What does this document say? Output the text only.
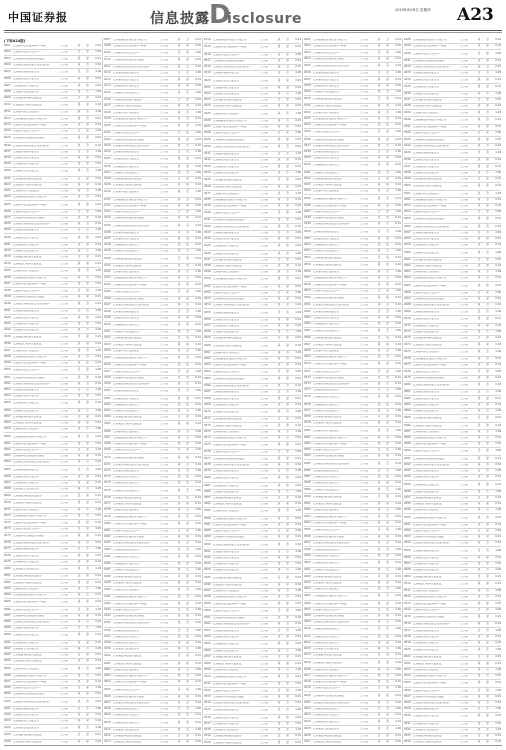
中国证券报	信息披露 D
isclosure
2019年8月8日 星期四 A23
(下转A24版)
0001 汇添富中证主要消费ETF联接	已开通	是	是	0.10
0002 汇添富中证医药卫生ETF	已开通	否	是	1.00
0003 汇添富移动互联股票型基金	已开通	是	是	0.01
0004 汇添富优势精选混合型证券投资	已开通	是	否	0.10
0005 汇添富价值精选混合型	已开通	否	否	1.00
0006 汇添富民营活力混合型	已开通	是	是	0.01
0007 汇添富消费行业混合型	已开通	是	是	0.10
0008 汇添富成长焦点混合型	已开通	是	否	1.00
0009 汇添富蓝筹稳健灵活配置	已开通	否	是	0.01
0010 汇添富医疗服务灵活配置	已开通	是	是	0.10
0011 汇添富环保行业股票型	已开通	是	否	1.00
0012 汇添富基金管理股份有限公司	已开通	是	否	0.01
0013 汇添富中证主要消费ETF联接	已开通	是	是	0.10
0014 汇添富中证医药卫生ETF	已开通	否	是	1.00
0015 汇添富移动互联股票型基金	已开通	是	是	0.01
0016 汇添富优势精选混合型证券投资	已开通	是	否	0.10
0017 汇添富价值精选混合型	已开通	否	否	1.00
0018 汇添富民营活力混合型	已开通	是	是	0.01
0019 汇添富消费行业混合型	已开通	是	是	0.10
0020 汇添富成长焦点混合型	已开通	是	否	1.00
0021 汇添富蓝筹稳健灵活配置	已开通	否	是	0.01
0022 汇添富医疗服务灵活配置	已开通	是	是	0.10
0023 汇添富环保行业股票型	已开通	是	否	1.00
0024 汇添富基金管理股份有限公司	已开通	是	否	0.01
0025 汇添富中证主要消费ETF联接	已开通	是	是	0.10
0026 汇添富中证医药卫生ETF	已开通	否	是	1.00
0027 汇添富移动互联股票型基金	已开通	是	是	0.01
0028 汇添富优势精选混合型证券投资	已开通	是	否	0.10
0029 汇添富价值精选混合型	已开通	否	否	1.00
0030 汇添富民营活力混合型	已开通	是	是	0.01
0031 汇添富消费行业混合型	已开通	是	是	0.10
0032 汇添富成长焦点混合型	已开通	是	否	1.00
0033 汇添富蓝筹稳健灵活配置	已开通	否	是	0.01
0034 汇添富医疗服务灵活配置	已开通	是	是	0.10
0035 汇添富环保行业股票型	已开通	是	否	1.00
0036 汇添富基金管理股份有限公司	已开通	是	否	0.01
0037 汇添富中证主要消费ETF联接	已开通	是	是	0.10
0038 汇添富中证医药卫生ETF	已开通	否	是	1.00
0039 汇添富移动互联股票型基金	已开通	是	是	0.01
0040 汇添富优势精选混合型证券投资	已开通	是	否	0.10
0041 汇添富价值精选混合型	已开通	否	否	1.00
0042 汇添富民营活力混合型	已开通	是	是	0.01
0043 汇添富消费行业混合型	已开通	是	是	0.10
0044 汇添富成长焦点混合型	已开通	是	否	1.00
0045 汇添富蓝筹稳健灵活配置	已开通	否	是	0.01
0046 汇添富医疗服务灵活配置	已开通	是	是	0.10
0047 汇添富环保行业股票型	已开通	是	否	1.00
0048 汇添富基金管理股份有限公司	已开通	是	否	0.01
0049 汇添富中证主要消费ETF联接	已开通	是	是	0.10
0050 汇添富中证医药卫生ETF	已开通	否	是	1.00
0051 汇添富移动互联股票型基金	已开通	是	是	0.01
0052 汇添富优势精选混合型证券投资	已开通	是	否	0.10
0053 汇添富价值精选混合型	已开通	否	否	1.00
0054 汇添富民营活力混合型	已开通	是	是	0.01
0055 汇添富消费行业混合型	已开通	是	是	0.10
0056 汇添富成长焦点混合型	已开通	是	否	1.00
0057 汇添富蓝筹稳健灵活配置	已开通	否	是	0.01
0058 汇添富医疗服务灵活配置	已开通	是	是	0.10
0059 汇添富环保行业股票型	已开通	是	否	1.00
0060 汇添富基金管理股份有限公司	已开通	是	否	0.01
0061 汇添富中证主要消费ETF联接	已开通	是	是	0.10
0062 汇添富中证医药卫生ETF	已开通	否	是	1.00
0063 汇添富移动互联股票型基金	已开通	是	是	0.01
0064 汇添富优势精选混合型证券投资	已开通	是	否	0.10
0065 汇添富价值精选混合型	已开通	否	否	1.00
0066 汇添富民营活力混合型	已开通	是	是	0.01
0067 汇添富消费行业混合型	已开通	是	是	0.10
0068 汇添富成长焦点混合型	已开通	是	否	1.00
0069 汇添富蓝筹稳健灵活配置	已开通	否	是	0.01
0070 汇添富医疗服务灵活配置	已开通	是	是	0.10
0071 汇添富环保行业股票型	已开通	是	否	1.00
0072 汇添富基金管理股份有限公司	已开通	是	否	0.01
0073 汇添富中证主要消费ETF联接	已开通	是	是	0.10
0074 汇添富中证医药卫生ETF	已开通	否	是	1.00
0075 汇添富移动互联股票型基金	已开通	是	是	0.01
0076 汇添富优势精选混合型证券投资	已开通	是	否	0.10
0077 汇添富价值精选混合型	已开通	否	否	1.00
0078 汇添富民营活力混合型	已开通	是	是	0.01
0079 汇添富消费行业混合型	已开通	是	是	0.10
0080 汇添富成长焦点混合型	已开通	是	否	1.00
0081 汇添富蓝筹稳健灵活配置	已开通	否	是	0.01
0082 汇添富医疗服务灵活配置	已开通	是	是	0.10
0083 汇添富环保行业股票型	已开通	是	否	1.00
0084 汇添富基金管理股份有限公司	已开通	是	否	0.01
0085 汇添富中证主要消费ETF联接	已开通	是	是	0.10
0086 汇添富中证医药卫生ETF	已开通	否	是	1.00
0087 汇添富移动互联股票型基金	已开通	是	是	0.01
0088 汇添富优势精选混合型证券投资	已开通	是	否	0.10
0089 汇添富价值精选混合型	已开通	否	否	1.00
0090 汇添富民营活力混合型	已开通	是	是	0.01
0091 汇添富消费行业混合型	已开通	是	是	0.10
0092 汇添富成长焦点混合型	已开通	是	否	1.00
0093 汇添富蓝筹稳健灵活配置	已开通	否	是	0.01
0094 汇添富医疗服务灵活配置	已开通	是	是	0.10
0095 汇添富环保行业股票型	已开通	是	否	1.00
0096 汇添富基金管理股份有限公司	已开通	是	否	0.01
0097 汇添富中证主要消费ETF联接	已开通	是	是	0.10
0098 汇添富中证医药卫生ETF	已开通	否	是	1.00
0099 汇添富移动互联股票型基金	已开通	是	是	0.01
0100 汇添富优势精选混合型证券投资	已开通	是	否	0.10
0101 汇添富价值精选混合型	已开通	否	否	1.00
0102 汇添富民营活力混合型	已开通	是	是	0.01
0103 汇添富消费行业混合型	已开通	是	是	0.10
0104 汇添富成长焦点混合型	已开通	是	否	1.00
0105 汇添富蓝筹稳健灵活配置	已开通	否	是	0.01
0106 汇添富医疗服务灵活配置	已开通	是	是	0.10
0107 汇添富基金管理股份有限公司	已开通	是	否	0.01
0108 汇添富中证主要消费ETF联接	已开通	是	是	0.10
0109 汇添富中证医药卫生ETF	已开通	否	是	1.00
0110 汇添富移动互联股票型基金	已开通	是	是	0.01
0111 汇添富优势精选混合型证券投资	已开通	是	否	0.10
0112 汇添富价值精选混合型	已开通	否	否	1.00
0113 汇添富民营活力混合型	已开通	是	是	0.01
0114 汇添富消费行业混合型	已开通	是	是	0.10
0115 汇添富成长焦点混合型	已开通	是	否	1.00
0116 汇添富蓝筹稳健灵活配置	已开通	否	是	0.01
0117 汇添富医疗服务灵活配置	已开通	是	是	0.10
0118 汇添富环保行业股票型	已开通	是	否	1.00
0119 汇添富基金管理股份有限公司	已开通	是	否	0.01
0120 汇添富中证主要消费ETF联接	已开通	是	是	0.10
0121 汇添富中证医药卫生ETF	已开通	否	是	1.00
0122 汇添富移动互联股票型基金	已开通	是	是	0.01
0123 汇添富优势精选混合型证券投资	已开通	是	否	0.10
0124 汇添富价值精选混合型	已开通	否	否	1.00
0125 汇添富民营活力混合型	已开通	是	是	0.01
0126 汇添富消费行业混合型	已开通	是	是	0.10
0127 汇添富成长焦点混合型	已开通	是	否	1.00
0128 汇添富蓝筹稳健灵活配置	已开通	否	是	0.01
0129 汇添富医疗服务灵活配置	已开通	是	是	0.10
0130 汇添富环保行业股票型	已开通	是	否	1.00
0131 汇添富基金管理股份有限公司	已开通	是	否	0.01
0132 汇添富中证主要消费ETF联接	已开通	是	是	0.10
0133 汇添富中证医药卫生ETF	已开通	否	是	1.00
0134 汇添富移动互联股票型基金	已开通	是	是	0.01
0135 汇添富优势精选混合型证券投资	已开通	是	否	0.10
0136 汇添富价值精选混合型	已开通	否	否	1.00
0137 汇添富民营活力混合型	已开通	是	是	0.01
0138 汇添富消费行业混合型	已开通	是	是	0.10
0139 汇添富成长焦点混合型	已开通	是	否	1.00
0140 汇添富蓝筹稳健灵活配置	已开通	否	是	0.01
0141 汇添富医疗服务灵活配置	已开通	是	是	0.10
0142 汇添富环保行业股票型	已开通	是	否	1.00
0143 汇添富基金管理股份有限公司	已开通	是	否	0.01
0144 汇添富中证主要消费ETF联接	已开通	是	是	0.10
0145 汇添富中证医药卫生ETF	已开通	否	是	1.00
0146 汇添富移动互联股票型基金	已开通	是	是	0.01
0147 汇添富优势精选混合型证券投资	已开通	是	否	0.10
0148 汇添富价值精选混合型	已开通	否	否	1.00
0149 汇添富民营活力混合型	已开通	是	是	0.01
0150 汇添富消费行业混合型	已开通	是	是	0.10
0151 汇添富成长焦点混合型	已开通	是	否	1.00
0152 汇添富蓝筹稳健灵活配置	已开通	否	是	0.01
0153 汇添富医疗服务灵活配置	已开通	是	是	0.10
0154 汇添富环保行业股票型	已开通	是	否	1.00
0155 汇添富基金管理股份有限公司	已开通	是	否	0.01
0156 汇添富中证主要消费ETF联接	已开通	是	是	0.10
0157 汇添富中证医药卫生ETF	已开通	否	是	1.00
0158 汇添富移动互联股票型基金	已开通	是	是	0.01
0159 汇添富优势精选混合型证券投资	已开通	是	否	0.10
0160 汇添富价值精选混合型	已开通	否	否	1.00
0161 汇添富民营活力混合型	已开通	是	是	0.01
0162 汇添富消费行业混合型	已开通	是	是	0.10
0163 汇添富成长焦点混合型	已开通	是	否	1.00
0164 汇添富蓝筹稳健灵活配置	已开通	否	是	0.01
0165 汇添富医疗服务灵活配置	已开通	是	是	0.10
0166 汇添富环保行业股票型	已开通	是	否	1.00
0167 汇添富基金管理股份有限公司	已开通	是	否	0.01
0168 汇添富中证主要消费ETF联接	已开通	是	是	0.10
0169 汇添富中证医药卫生ETF	已开通	否	是	1.00
0170 汇添富移动互联股票型基金	已开通	是	是	0.01
0171 汇添富优势精选混合型证券投资	已开通	是	否	0.10
0172 汇添富价值精选混合型	已开通	否	否	1.00
0173 汇添富民营活力混合型	已开通	是	是	0.01
0174 汇添富消费行业混合型	已开通	是	是	0.10
0175 汇添富成长焦点混合型	已开通	是	否	1.00
0176 汇添富蓝筹稳健灵活配置	已开通	否	是	0.01
0177 汇添富医疗服务灵活配置	已开通	是	是	0.10
0178 汇添富环保行业股票型	已开通	是	否	1.00
0179 汇添富基金管理股份有限公司	已开通	是	否	0.01
0180 汇添富中证主要消费ETF联接	已开通	是	是	0.10
0181 汇添富中证医药卫生ETF	已开通	否	是	1.00
0182 汇添富移动互联股票型基金	已开通	是	是	0.01
0183 汇添富优势精选混合型证券投资	已开通	是	否	0.10
0184 汇添富价值精选混合型	已开通	否	否	1.00
0185 汇添富民营活力混合型	已开通	是	是	0.01
0186 汇添富消费行业混合型	已开通	是	是	0.10
0187 汇添富成长焦点混合型	已开通	是	否	1.00
0188 汇添富蓝筹稳健灵活配置	已开通	否	是	0.01
0189 汇添富医疗服务灵活配置	已开通	是	是	0.10
0190 汇添富环保行业股票型	已开通	是	否	1.00
0191 汇添富基金管理股份有限公司	已开通	是	否	0.01
0192 汇添富中证主要消费ETF联接	已开通	是	是	0.10
0193 汇添富中证医药卫生ETF	已开通	否	是	1.00
0194 汇添富移动互联股票型基金	已开通	是	是	0.01
0195 汇添富优势精选混合型证券投资	已开通	是	否	0.10
0196 汇添富价值精选混合型	已开通	否	否	1.00
0197 汇添富民营活力混合型	已开通	是	是	0.01
0198 汇添富消费行业混合型	已开通	是	是	0.10
0199 汇添富成长焦点混合型	已开通	是	否	1.00
0200 汇添富蓝筹稳健灵活配置	已开通	否	是	0.01
0201 汇添富医疗服务灵活配置	已开通	是	是	0.10
0202 汇添富环保行业股票型	已开通	是	否	1.00
0203 汇添富基金管理股份有限公司	已开通	是	否	0.01
0204 汇添富中证主要消费ETF联接	已开通	是	是	0.10
0205 汇添富中证医药卫生ETF	已开通	否	是	1.00
0206 汇添富移动互联股票型基金	已开通	是	是	0.01
0207 汇添富优势精选混合型证券投资	已开通	是	否	0.10
0208 汇添富价值精选混合型	已开通	否	否	1.00
0209 汇添富民营活力混合型	已开通	是	是	0.01
0210 汇添富消费行业混合型	已开通	是	是	0.10
0211 汇添富成长焦点混合型	已开通	是	否	1.00
0212 汇添富蓝筹稳健灵活配置	已开通	否	是	0.01
0213 汇添富医疗服务灵活配置	已开通	是	是	0.10
0214 汇添富基金管理股份有限公司	已开通	是	否	0.01
0215 汇添富中证主要消费ETF联接	已开通	是	是	0.10
0216 汇添富中证医药卫生ETF	已开通	否	是	1.00
0217 汇添富移动互联股票型基金	已开通	是	是	0.01
0218 汇添富优势精选混合型证券投资	已开通	是	否	0.10
0219 汇添富价值精选混合型	已开通	否	否	1.00
0220 汇添富民营活力混合型	已开通	是	是	0.01
0221 汇添富消费行业混合型	已开通	是	是	0.10
0222 汇添富成长焦点混合型	已开通	是	否	1.00
0223 汇添富蓝筹稳健灵活配置	已开通	否	是	0.01
0224 汇添富医疗服务灵活配置	已开通	是	是	0.10
0225 汇添富环保行业股票型	已开通	是	否	1.00
0226 汇添富基金管理股份有限公司	已开通	是	否	0.01
0227 汇添富中证主要消费ETF联接	已开通	是	是	0.10
0228 汇添富中证医药卫生ETF	已开通	否	是	1.00
0229 汇添富移动互联股票型基金	已开通	是	是	0.01
0230 汇添富优势精选混合型证券投资	已开通	是	否	0.10
0231 汇添富价值精选混合型	已开通	否	否	1.00
0232 汇添富民营活力混合型	已开通	是	是	0.01
0233 汇添富消费行业混合型	已开通	是	是	0.10
0234 汇添富成长焦点混合型	已开通	是	否	1.00
0235 汇添富蓝筹稳健灵活配置	已开通	否	是	0.01
0236 汇添富医疗服务灵活配置	已开通	是	是	0.10
0237 汇添富环保行业股票型	已开通	是	否	1.00
0238 汇添富基金管理股份有限公司	已开通	是	否	0.01
0239 汇添富中证主要消费ETF联接	已开通	是	是	0.10
0240 汇添富中证医药卫生ETF	已开通	否	是	1.00
0241 汇添富移动互联股票型基金	已开通	是	是	0.01
0242 汇添富优势精选混合型证券投资	已开通	是	否	0.10
0243 汇添富价值精选混合型	已开通	否	否	1.00
0244 汇添富民营活力混合型	已开通	是	是	0.01
0245 汇添富消费行业混合型	已开通	是	是	0.10
0246 汇添富成长焦点混合型	已开通	是	否	1.00
0247 汇添富蓝筹稳健灵活配置	已开通	否	是	0.01
0248 汇添富医疗服务灵活配置	已开通	是	是	0.10
0249 汇添富环保行业股票型	已开通	是	否	1.00
0250 汇添富基金管理股份有限公司	已开通	是	否	0.01
0251 汇添富中证主要消费ETF联接	已开通	是	是	0.10
0252 汇添富中证医药卫生ETF	已开通	否	是	1.00
0253 汇添富移动互联股票型基金	已开通	是	是	0.01
0254 汇添富优势精选混合型证券投资	已开通	是	否	0.10
0255 汇添富价值精选混合型	已开通	否	否	1.00
0256 汇添富民营活力混合型	已开通	是	是	0.01
0257 汇添富消费行业混合型	已开通	是	是	0.10
0258 汇添富成长焦点混合型	已开通	是	否	1.00
0259 汇添富蓝筹稳健灵活配置	已开通	否	是	0.01
0260 汇添富医疗服务灵活配置	已开通	是	是	0.10
0261 汇添富环保行业股票型	已开通	是	否	1.00
0262 汇添富基金管理股份有限公司	已开通	是	否	0.01
0263 汇添富中证主要消费ETF联接	已开通	是	是	0.10
0264 汇添富中证医药卫生ETF	已开通	否	是	1.00
0265 汇添富移动互联股票型基金	已开通	是	是	0.01
0266 汇添富优势精选混合型证券投资	已开通	是	否	0.10
0267 汇添富价值精选混合型	已开通	否	否	1.00
0268 汇添富民营活力混合型	已开通	是	是	0.01
0269 汇添富消费行业混合型	已开通	是	是	0.10
0270 汇添富成长焦点混合型	已开通	是	否	1.00
0271 汇添富蓝筹稳健灵活配置	已开通	否	是	0.01
0272 汇添富医疗服务灵活配置	已开通	是	是	0.10
0273 汇添富环保行业股票型	已开通	是	否	1.00
0274 汇添富基金管理股份有限公司	已开通	是	否	0.01
0275 汇添富中证主要消费ETF联接	已开通	是	是	0.10
0276 汇添富中证医药卫生ETF	已开通	否	是	1.00
0277 汇添富移动互联股票型基金	已开通	是	是	0.01
0278 汇添富优势精选混合型证券投资	已开通	是	否	0.10
0279 汇添富价值精选混合型	已开通	否	否	1.00
0280 汇添富民营活力混合型	已开通	是	是	0.01
0281 汇添富消费行业混合型	已开通	是	是	0.10
0282 汇添富成长焦点混合型	已开通	是	否	1.00
0283 汇添富蓝筹稳健灵活配置	已开通	否	是	0.01
0284 汇添富医疗服务灵活配置	已开通	是	是	0.10
0285 汇添富环保行业股票型	已开通	是	否	1.00
0286 汇添富基金管理股份有限公司	已开通	是	否	0.01
0287 汇添富中证主要消费ETF联接	已开通	是	是	0.10
0288 汇添富中证医药卫生ETF	已开通	否	是	1.00
0289 汇添富移动互联股票型基金	已开通	是	是	0.01
0290 汇添富优势精选混合型证券投资	已开通	是	否	0.10
0291 汇添富价值精选混合型	已开通	否	否	1.00
0292 汇添富民营活力混合型	已开通	是	是	0.01
0293 汇添富消费行业混合型	已开通	是	是	0.10
0294 汇添富成长焦点混合型	已开通	是	否	1.00
0295 汇添富蓝筹稳健灵活配置	已开通	否	是	0.01
0296 汇添富医疗服务灵活配置	已开通	是	是	0.10
0297 汇添富环保行业股票型	已开通	是	否	1.00
0298 汇添富基金管理股份有限公司	已开通	是	否	0.01
0299 汇添富中证主要消费ETF联接	已开通	是	是	0.10
0300 汇添富中证医药卫生ETF	已开通	否	是	1.00
0301 汇添富移动互联股票型基金	已开通	是	是	0.01
0302 汇添富优势精选混合型证券投资	已开通	是	否	0.10
0303 汇添富价值精选混合型	已开通	否	否	1.00
0304 汇添富民营活力混合型	已开通	是	是	0.01
0305 汇添富消费行业混合型	已开通	是	是	0.10
0306 汇添富成长焦点混合型	已开通	是	否	1.00
0307 汇添富蓝筹稳健灵活配置	已开通	否	是	0.01
0308 汇添富医疗服务灵活配置	已开通	是	是	0.10
0309 汇添富环保行业股票型	已开通	是	否	1.00
0310 汇添富基金管理股份有限公司	已开通	是	否	0.01
0311 汇添富中证主要消费ETF联接	已开通	是	是	0.10
0312 汇添富中证医药卫生ETF	已开通	否	是	1.00
0313 汇添富移动互联股票型基金	已开通	是	是	0.01
0314 汇添富优势精选混合型证券投资	已开通	是	否	0.10
0315 汇添富价值精选混合型	已开通	否	否	1.00
0316 汇添富民营活力混合型	已开通	是	是	0.01
0317 汇添富消费行业混合型	已开通	是	是	0.10
0318 汇添富成长焦点混合型	已开通	是	否	1.00
0319 汇添富蓝筹稳健灵活配置	已开通	否	是	0.01
0320 汇添富医疗服务灵活配置	已开通	是	是	0.10
0321 汇添富基金管理股份有限公司	已开通	是	否	0.01
0322 汇添富中证主要消费ETF联接	已开通	是	是	0.10
0323 汇添富中证医药卫生ETF	已开通	否	是	1.00
0324 汇添富移动互联股票型基金	已开通	是	是	0.01
0325 汇添富优势精选混合型证券投资	已开通	是	否	0.10
0326 汇添富价值精选混合型	已开通	否	否	1.00
0327 汇添富民营活力混合型	已开通	是	是	0.01
0328 汇添富消费行业混合型	已开通	是	是	0.10
0329 汇添富成长焦点混合型	已开通	是	否	1.00
0330 汇添富蓝筹稳健灵活配置	已开通	否	是	0.01
0331 汇添富医疗服务灵活配置	已开通	是	是	0.10
0332 汇添富环保行业股票型	已开通	是	否	1.00
0333 汇添富基金管理股份有限公司	已开通	是	否	0.01
0334 汇添富中证主要消费ETF联接	已开通	是	是	0.10
0335 汇添富中证医药卫生ETF	已开通	否	是	1.00
0336 汇添富移动互联股票型基金	已开通	是	是	0.01
0337 汇添富优势精选混合型证券投资	已开通	是	否	0.10
0338 汇添富价值精选混合型	已开通	否	否	1.00
0339 汇添富民营活力混合型	已开通	是	是	0.01
0340 汇添富消费行业混合型	已开通	是	是	0.10
0341 汇添富成长焦点混合型	已开通	是	否	1.00
0342 汇添富蓝筹稳健灵活配置	已开通	否	是	0.01
0343 汇添富医疗服务灵活配置	已开通	是	是	0.10
0344 汇添富环保行业股票型	已开通	是	否	1.00
0345 汇添富基金管理股份有限公司	已开通	是	否	0.01
0346 汇添富中证主要消费ETF联接	已开通	是	是	0.10
0347 汇添富中证医药卫生ETF	已开通	否	是	1.00
0348 汇添富移动互联股票型基金	已开通	是	是	0.01
0349 汇添富优势精选混合型证券投资	已开通	是	否	0.10
0350 汇添富价值精选混合型	已开通	否	否	1.00
0351 汇添富民营活力混合型	已开通	是	是	0.01
0352 汇添富消费行业混合型	已开通	是	是	0.10
0353 汇添富成长焦点混合型	已开通	是	否	1.00
0354 汇添富蓝筹稳健灵活配置	已开通	否	是	0.01
0355 汇添富医疗服务灵活配置	已开通	是	是	0.10
0356 汇添富环保行业股票型	已开通	是	否	1.00
0357 汇添富基金管理股份有限公司	已开通	是	否	0.01
0358 汇添富中证主要消费ETF联接	已开通	是	是	0.10
0359 汇添富中证医药卫生ETF	已开通	否	是	1.00
0360 汇添富移动互联股票型基金	已开通	是	是	0.01
0361 汇添富优势精选混合型证券投资	已开通	是	否	0.10
0362 汇添富价值精选混合型	已开通	否	否	1.00
0363 汇添富民营活力混合型	已开通	是	是	0.01
0364 汇添富消费行业混合型	已开通	是	是	0.10
0365 汇添富成长焦点混合型	已开通	是	否	1.00
0366 汇添富蓝筹稳健灵活配置	已开通	否	是	0.01
0367 汇添富医疗服务灵活配置	已开通	是	是	0.10
0368 汇添富环保行业股票型	已开通	是	否	1.00
0369 汇添富基金管理股份有限公司	已开通	是	否	0.01
0370 汇添富中证主要消费ETF联接	已开通	是	是	0.10
0371 汇添富中证医药卫生ETF	已开通	否	是	1.00
0372 汇添富移动互联股票型基金	已开通	是	是	0.01
0373 汇添富优势精选混合型证券投资	已开通	是	否	0.10
0374 汇添富价值精选混合型	已开通	否	否	1.00
0375 汇添富民营活力混合型	已开通	是	是	0.01
0376 汇添富消费行业混合型	已开通	是	是	0.10
0377 汇添富成长焦点混合型	已开通	是	否	1.00
0378 汇添富蓝筹稳健灵活配置	已开通	否	是	0.01
0379 汇添富医疗服务灵活配置	已开通	是	是	0.10
0380 汇添富环保行业股票型	已开通	是	否	1.00
0381 汇添富基金管理股份有限公司	已开通	是	否	0.01
0382 汇添富中证主要消费ETF联接	已开通	是	是	0.10
0383 汇添富中证医药卫生ETF	已开通	否	是	1.00
0384 汇添富移动互联股票型基金	已开通	是	是	0.01
0385 汇添富优势精选混合型证券投资	已开通	是	否	0.10
0386 汇添富价值精选混合型	已开通	否	否	1.00
0387 汇添富民营活力混合型	已开通	是	是	0.01
0388 汇添富消费行业混合型	已开通	是	是	0.10
0389 汇添富成长焦点混合型	已开通	是	否	1.00
0390 汇添富蓝筹稳健灵活配置	已开通	否	是	0.01
0391 汇添富医疗服务灵活配置	已开通	是	是	0.10
0392 汇添富环保行业股票型	已开通	是	否	1.00
0393 汇添富基金管理股份有限公司	已开通	是	否	0.01
0394 汇添富中证主要消费ETF联接	已开通	是	是	0.10
0395 汇添富中证医药卫生ETF	已开通	否	是	1.00
0396 汇添富移动互联股票型基金	已开通	是	是	0.01
0397 汇添富优势精选混合型证券投资	已开通	是	否	0.10
0398 汇添富价值精选混合型	已开通	否	否	1.00
0399 汇添富民营活力混合型	已开通	是	是	0.01
0400 汇添富消费行业混合型	已开通	是	是	0.10
0401 汇添富成长焦点混合型	已开通	是	否	1.00
0402 汇添富蓝筹稳健灵活配置	已开通	否	是	0.01
0403 汇添富医疗服务灵活配置	已开通	是	是	0.10
0404 汇添富环保行业股票型	已开通	是	否	1.00
0405 汇添富基金管理股份有限公司	已开通	是	否	0.01
0406 汇添富中证主要消费ETF联接	已开通	是	是	0.10
0407 汇添富中证医药卫生ETF	已开通	否	是	1.00
0408 汇添富移动互联股票型基金	已开通	是	是	0.01
0409 汇添富优势精选混合型证券投资	已开通	是	否	0.10
0410 汇添富价值精选混合型	已开通	否	否	1.00
0411 汇添富民营活力混合型	已开通	是	是	0.01
0412 汇添富消费行业混合型	已开通	是	是	0.10
0413 汇添富成长焦点混合型	已开通	是	否	1.00
0414 汇添富蓝筹稳健灵活配置	已开通	否	是	0.01
0415 汇添富医疗服务灵活配置	已开通	是	是	0.10
0416 汇添富环保行业股票型	已开通	是	否	1.00
0417 汇添富基金管理股份有限公司	已开通	是	否	0.01
0418 汇添富中证主要消费ETF联接	已开通	是	是	0.10
0419 汇添富中证医药卫生ETF	已开通	否	是	1.00
0420 汇添富移动互联股票型基金	已开通	是	是	0.01
0421 汇添富优势精选混合型证券投资	已开通	是	否	0.10
0422 汇添富价值精选混合型	已开通	否	否	1.00
0423 汇添富民营活力混合型	已开通	是	是	0.01
0424 汇添富消费行业混合型	已开通	是	是	0.10
0425 汇添富成长焦点混合型	已开通	是	否	1.00
0426 汇添富蓝筹稳健灵活配置	已开通	否	是	0.01
0427 汇添富医疗服务灵活配置	已开通	是	是	0.10
0428 汇添富基金管理股份有限公司	已开通	是	否	0.01
0429 汇添富中证主要消费ETF联接	已开通	是	是	0.10
0430 汇添富中证医药卫生ETF	已开通	否	是	1.00
0431 汇添富移动互联股票型基金	已开通	是	是	0.01
0432 汇添富优势精选混合型证券投资	已开通	是	否	0.10
0433 汇添富价值精选混合型	已开通	否	否	1.00
0434 汇添富民营活力混合型	已开通	是	是	0.01
0435 汇添富消费行业混合型	已开通	是	是	0.10
0436 汇添富成长焦点混合型	已开通	是	否	1.00
0437 汇添富蓝筹稳健灵活配置	已开通	否	是	0.01
0438 汇添富医疗服务灵活配置	已开通	是	是	0.10
0439 汇添富环保行业股票型	已开通	是	否	1.00
0440 汇添富基金管理股份有限公司	已开通	是	否	0.01
0441 汇添富中证主要消费ETF联接	已开通	是	是	0.10
0442 汇添富中证医药卫生ETF	已开通	否	是	1.00
0443 汇添富移动互联股票型基金	已开通	是	是	0.01
0444 汇添富优势精选混合型证券投资	已开通	是	否	0.10
0445 汇添富价值精选混合型	已开通	否	否	1.00
0446 汇添富民营活力混合型	已开通	是	是	0.01
0447 汇添富消费行业混合型	已开通	是	是	0.10
0448 汇添富成长焦点混合型	已开通	是	否	1.00
0449 汇添富蓝筹稳健灵活配置	已开通	否	是	0.01
0450 汇添富医疗服务灵活配置	已开通	是	是	0.10
0451 汇添富环保行业股票型	已开通	是	否	1.00
0452 汇添富基金管理股份有限公司	已开通	是	否	0.01
0453 汇添富中证主要消费ETF联接	已开通	是	是	0.10
0454 汇添富中证医药卫生ETF	已开通	否	是	1.00
0455 汇添富移动互联股票型基金	已开通	是	是	0.01
0456 汇添富优势精选混合型证券投资	已开通	是	否	0.10
0457 汇添富价值精选混合型	已开通	否	否	1.00
0458 汇添富民营活力混合型	已开通	是	是	0.01
0459 汇添富消费行业混合型	已开通	是	是	0.10
0460 汇添富成长焦点混合型	已开通	是	否	1.00
0461 汇添富蓝筹稳健灵活配置	已开通	否	是	0.01
0462 汇添富医疗服务灵活配置	已开通	是	是	0.10
0463 汇添富环保行业股票型	已开通	是	否	1.00
0464 汇添富基金管理股份有限公司	已开通	是	否	0.01
0465 汇添富中证主要消费ETF联接	已开通	是	是	0.10
0466 汇添富中证医药卫生ETF	已开通	否	是	1.00
0467 汇添富移动互联股票型基金	已开通	是	是	0.01
0468 汇添富优势精选混合型证券投资	已开通	是	否	0.10
0469 汇添富价值精选混合型	已开通	否	否	1.00
0470 汇添富民营活力混合型	已开通	是	是	0.01
0471 汇添富消费行业混合型	已开通	是	是	0.10
0472 汇添富成长焦点混合型	已开通	是	否	1.00
0473 汇添富蓝筹稳健灵活配置	已开通	否	是	0.01
0474 汇添富医疗服务灵活配置	已开通	是	是	0.10
0475 汇添富环保行业股票型	已开通	是	否	1.00
0476 汇添富基金管理股份有限公司	已开通	是	否	0.01
0477 汇添富中证主要消费ETF联接	已开通	是	是	0.10
0478 汇添富中证医药卫生ETF	已开通	否	是	1.00
0479 汇添富移动互联股票型基金	已开通	是	是	0.01
0480 汇添富优势精选混合型证券投资	已开通	是	否	0.10
0481 汇添富价值精选混合型	已开通	否	否	1.00
0482 汇添富民营活力混合型	已开通	是	是	0.01
0483 汇添富消费行业混合型	已开通	是	是	0.10
0484 汇添富成长焦点混合型	已开通	是	否	1.00
0485 汇添富蓝筹稳健灵活配置	已开通	否	是	0.01
0486 汇添富医疗服务灵活配置	已开通	是	是	0.10
0487 汇添富环保行业股票型	已开通	是	否	1.00
0488 汇添富基金管理股份有限公司	已开通	是	否	0.01
0489 汇添富中证主要消费ETF联接	已开通	是	是	0.10
0490 汇添富中证医药卫生ETF	已开通	否	是	1.00
0491 汇添富移动互联股票型基金	已开通	是	是	0.01
0492 汇添富优势精选混合型证券投资	已开通	是	否	0.10
0493 汇添富价值精选混合型	已开通	否	否	1.00
0494 汇添富民营活力混合型	已开通	是	是	0.01
0495 汇添富消费行业混合型	已开通	是	是	0.10
0496 汇添富成长焦点混合型	已开通	是	否	1.00
0497 汇添富蓝筹稳健灵活配置	已开通	否	是	0.01
0498 汇添富医疗服务灵活配置	已开通	是	是	0.10
0499 汇添富环保行业股票型	已开通	是	否	1.00
0500 汇添富基金管理股份有限公司	已开通	是	否	0.01
0501 汇添富中证主要消费ETF联接	已开通	是	是	0.10
0502 汇添富中证医药卫生ETF	已开通	否	是	1.00
0503 汇添富移动互联股票型基金	已开通	是	是	0.01
0504 汇添富优势精选混合型证券投资	已开通	是	否	0.10
0505 汇添富价值精选混合型	已开通	否	否	1.00
0506 汇添富民营活力混合型	已开通	是	是	0.01
0507 汇添富消费行业混合型	已开通	是	是	0.10
0508 汇添富成长焦点混合型	已开通	是	否	1.00
0509 汇添富蓝筹稳健灵活配置	已开通	否	是	0.01
0510 汇添富医疗服务灵活配置	已开通	是	是	0.10
0511 汇添富环保行业股票型	已开通	是	否	1.00
0512 汇添富基金管理股份有限公司	已开通	是	否	0.01
0513 汇添富中证主要消费ETF联接	已开通	是	是	0.10
0514 汇添富中证医药卫生ETF	已开通	否	是	1.00
0515 汇添富移动互联股票型基金	已开通	是	是	0.01
0516 汇添富优势精选混合型证券投资	已开通	是	否	0.10
0517 汇添富价值精选混合型	已开通	否	否	1.00
0518 汇添富民营活力混合型	已开通	是	是	0.01
0519 汇添富消费行业混合型	已开通	是	是	0.10
0520 汇添富成长焦点混合型	已开通	是	否	1.00
0521 汇添富蓝筹稳健灵活配置	已开通	否	是	0.01
0522 汇添富医疗服务灵活配置	已开通	是	是	0.10
0523 汇添富环保行业股票型	已开通	是	否	1.00
0524 汇添富基金管理股份有限公司	已开通	是	否	0.01
0525 汇添富中证主要消费ETF联接	已开通	是	是	0.10
0526 汇添富中证医药卫生ETF	已开通	否	是	1.00
0527 汇添富移动互联股票型基金	已开通	是	是	0.01
0528 汇添富优势精选混合型证券投资	已开通	是	否	0.10
0529 汇添富价值精选混合型	已开通	否	否	1.00
0530 汇添富民营活力混合型	已开通	是	是	0.01
0531 汇添富消费行业混合型	已开通	是	是	0.10
0532 汇添富成长焦点混合型	已开通	是	否	1.00
0533 汇添富蓝筹稳健灵活配置	已开通	否	是	0.01
0534 汇添富医疗服务灵活配置	已开通	是	是	0.10
